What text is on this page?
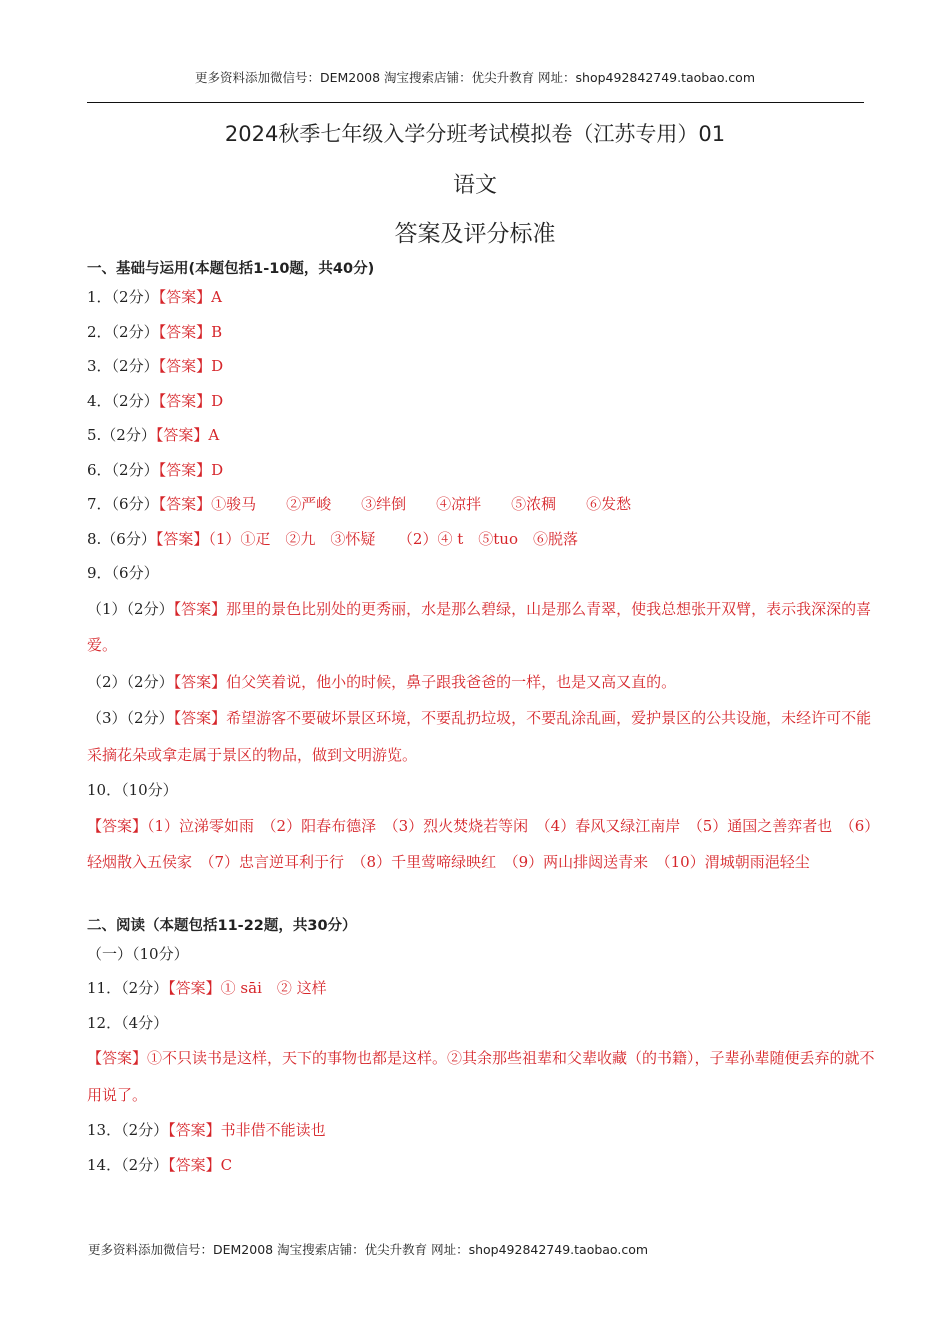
更多资料添加微信号：DEM2008 淘宝搜索店铺：优尖升教育 网址：shop492842749.taobao.com
2024秋季七年级入学分班考试模拟卷（江苏专用）01
语文
答案及评分标准
一、基础与运用(本题包括1-10题，共40分)
1．（2分）【答案】A
2．（2分）【答案】B
3．（2分）【答案】D
4．（2分）【答案】D
5.（2分）【答案】A
6．（2分）【答案】D
7．（6分）【答案】①骏马　　②严峻　　③绊倒　　④凉拌　　⑤浓稠　　⑥发愁
8.（6分）【答案】（1）①疋　②九　③怀疑　　（2）④ t　⑤tuo　⑥脱落
9．（6分）
（1）（2分）【答案】那里的景色比别处的更秀丽，水是那么碧绿，山是那么青翠，使我总想张开双臂，表示我深深的喜爱。
（2）（2分）【答案】伯父笑着说，他小的时候，鼻子跟我爸爸的一样，也是又高又直的。
（3）（2分）【答案】希望游客不要破坏景区环境，不要乱扔垃圾，不要乱涂乱画，爱护景区的公共设施，未经许可不能采摘花朵或拿走属于景区的物品，做到文明游览。
10．（10分）
【答案】（1）泣涕零如雨　（2）阳春布德泽　（3）烈火焚烧若等闲　（4）春风又绿江南岸　（5）通国之善弈者也　（6）轻烟散入五侯家　（7）忠言逆耳利于行　（8）千里莺啼绿映红　（9）两山排闼送青来　（10）渭城朝雨浥轻尘
二、阅读（本题包括11-22题，共30分）
（一）（10分）
11．（2分）【答案】① sāi　② 这样
12．（4分）
【答案】①不只读书是这样，天下的事物也都是这样。②其余那些祖辈和父辈收藏（的书籍），子辈孙辈随便丢弃的就不用说了。
13．（2分）【答案】书非借不能读也
14．（2分）【答案】C
更多资料添加微信号：DEM2008 淘宝搜索店铺：优尖升教育 网址：shop492842749.taobao.com
